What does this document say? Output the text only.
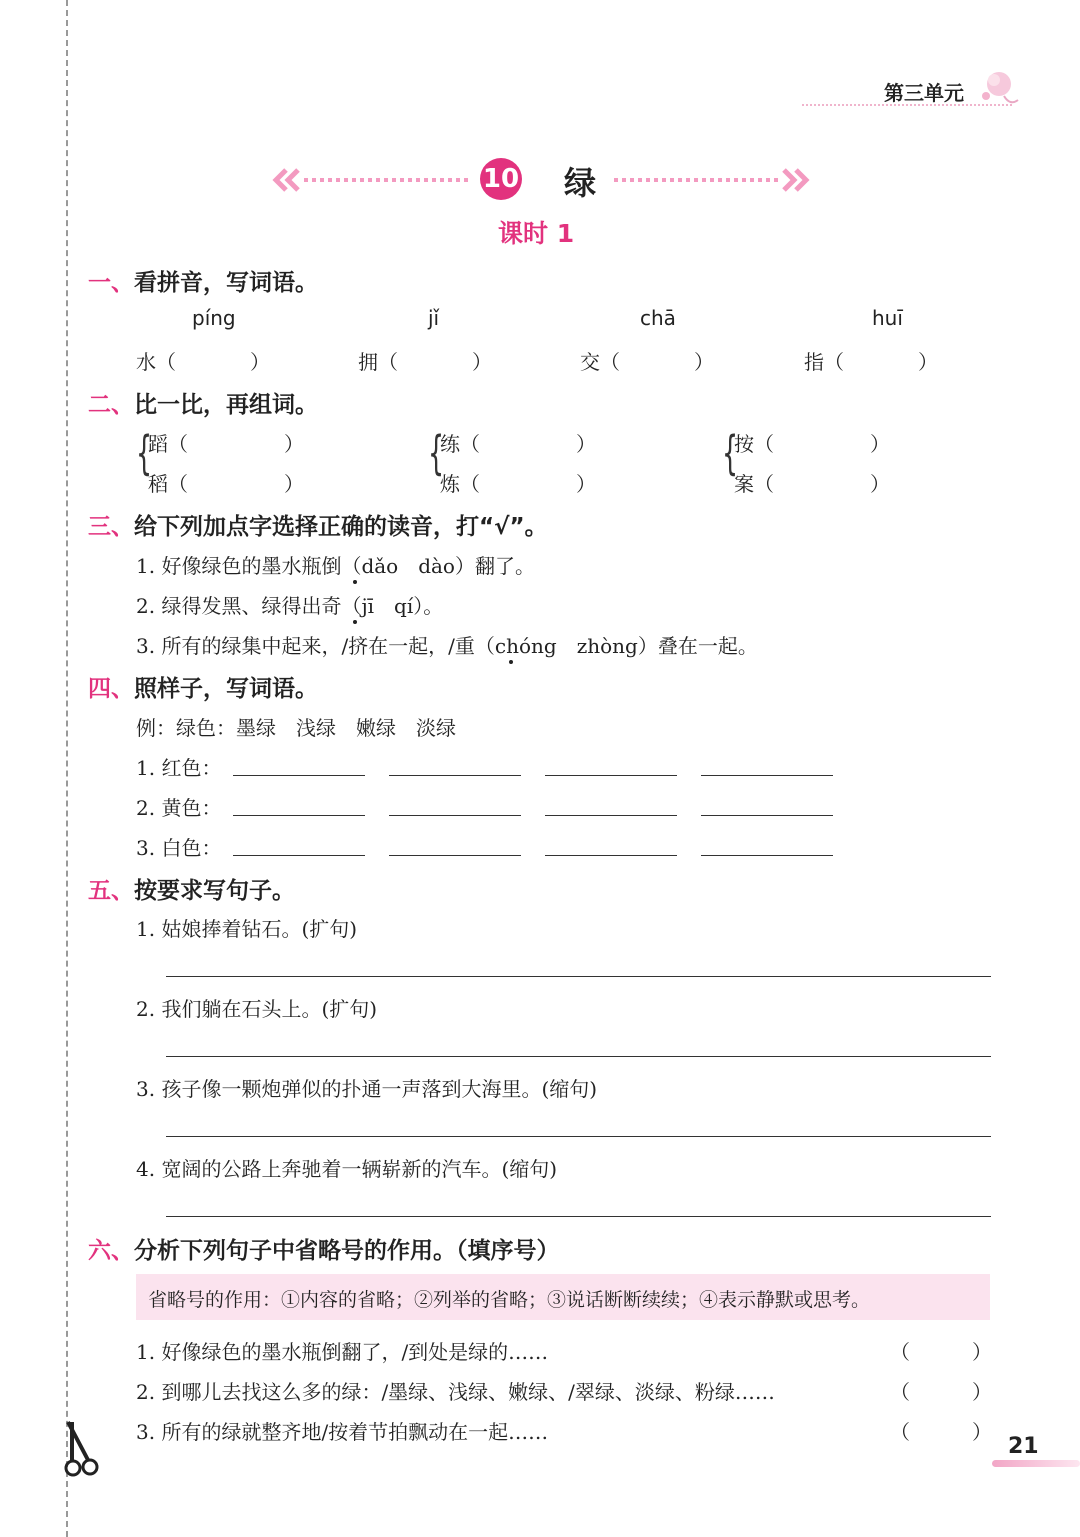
第三单元
10 绿
课时 1
一、看拼音，写词语。
píng	jǐ	chā	huī
水（	）	拥（	）	交（	）	指（	）
二、比一比，再组词。
{
蹈（	）
稻（	）
{
练（	）
炼（	）
{
按（	）
案（	）
三、给下列加点字选择正确的读音，打“√”。
1. 好像绿色的墨水瓶倒（dǎo　dào）翻了。
2. 绿得发黑、绿得出奇（jī　qí）。
3. 所有的绿集中起来，/挤在一起，/重（chóng　zhòng）叠在一起。
四、照样子，写词语。
例：绿色：墨绿　浅绿　嫩绿　淡绿
1. 红色：
2. 黄色：
3. 白色：
五、按要求写句子。
1. 姑娘捧着钻石。(扩句)
2. 我们躺在石头上。(扩句)
3. 孩子像一颗炮弹似的扑通一声落到大海里。(缩句)
4. 宽阔的公路上奔驰着一辆崭新的汽车。(缩句)
六、分析下列句子中省略号的作用。（填序号）
省略号的作用：①内容的省略；②列举的省略；③说话断断续续；④表示静默或思考。
1. 好像绿色的墨水瓶倒翻了，/到处是绿的……	（	）
2. 到哪儿去找这么多的绿：/墨绿、浅绿、嫩绿、/翠绿、淡绿、粉绿……	（	）
3. 所有的绿就整齐地/按着节拍飘动在一起……	（	）
21
